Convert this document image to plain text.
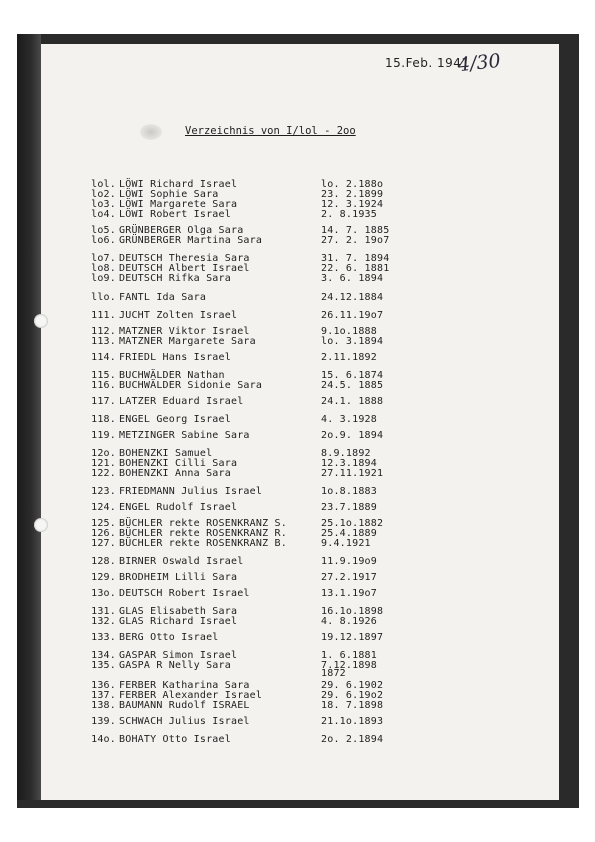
15.Feb. 1941
4/30
Verzeichnis von I/lol - 2oo
lol. LÖWI Richard Israel	lo. 2.188o
lo2. LÖWI Sophie Sara	23. 2.1899
lo3. LÖWI Margarete Sara	12. 3.1924
lo4. LÖWI Robert Israel	2. 8.1935
lo5. GRÜNBERGER Olga Sara	14. 7. 1885
lo6. GRÜNBERGER Martina Sara	27. 2. 19o7
lo7. DEUTSCH Theresia Sara	31. 7. 1894
lo8. DEUTSCH Albert Israel	22. 6. 1881
lo9. DEUTSCH Rifka Sara	3. 6. 1894
llo. FANTL Ida Sara	24.12.1884
111. JUCHT Zolten Israel	26.11.19o7
112. MATZNER Viktor Israel	9.1o.1888
113. MATZNER Margarete Sara	lo. 3.1894
114. FRIEDL Hans Israel	2.11.1892
115. BUCHWÄLDER Nathan	15. 6.1874
116. BUCHWÄLDER Sidonie Sara	24.5. 1885
117. LATZER Eduard Israel	24.1. 1888
118. ENGEL Georg Israel	4. 3.1928
119. METZINGER Sabine Sara	2o.9. 1894
12o. BOHENZKI Samuel	8.9.1892
121. BOHENZKI Cilli Sara	12.3.1894
122. BOHENZKI Anna Sara	27.11.1921
123. FRIEDMANN Julius Israel	1o.8.1883
124. ENGEL Rudolf Israel	23.7.1889
125. BÜCHLER rekte ROSENKRANZ S.	25.1o.1882
126. BÜCHLER rekte ROSENKRANZ R.	25.4.1889
127. BÜCHLER rekte ROSENKRANZ B.	9.4.1921
128. BIRNER Oswald Israel	11.9.19o9
129. BRODHEIM Lilli Sara	27.2.1917
13o. DEUTSCH Robert Israel	13.1.19o7
131. GLAS Elisabeth Sara	16.1o.1898
132. GLAS Richard Israel	4. 8.1926
133. BERG Otto Israel	19.12.1897
134. GASPAR Simon Israel	1. 6.1881
135. GASPA R Nelly Sara	7.12.1898
1872
136. FERBER Katharina Sara	29. 6.1902
137. FERBER Alexander Israel	29. 6.19o2
138. BAUMANN Rudolf ISRAEL	18. 7.1898
139. SCHWACH Julius Israel	21.1o.1893
14o. BOHATY Otto Israel	2o. 2.1894
